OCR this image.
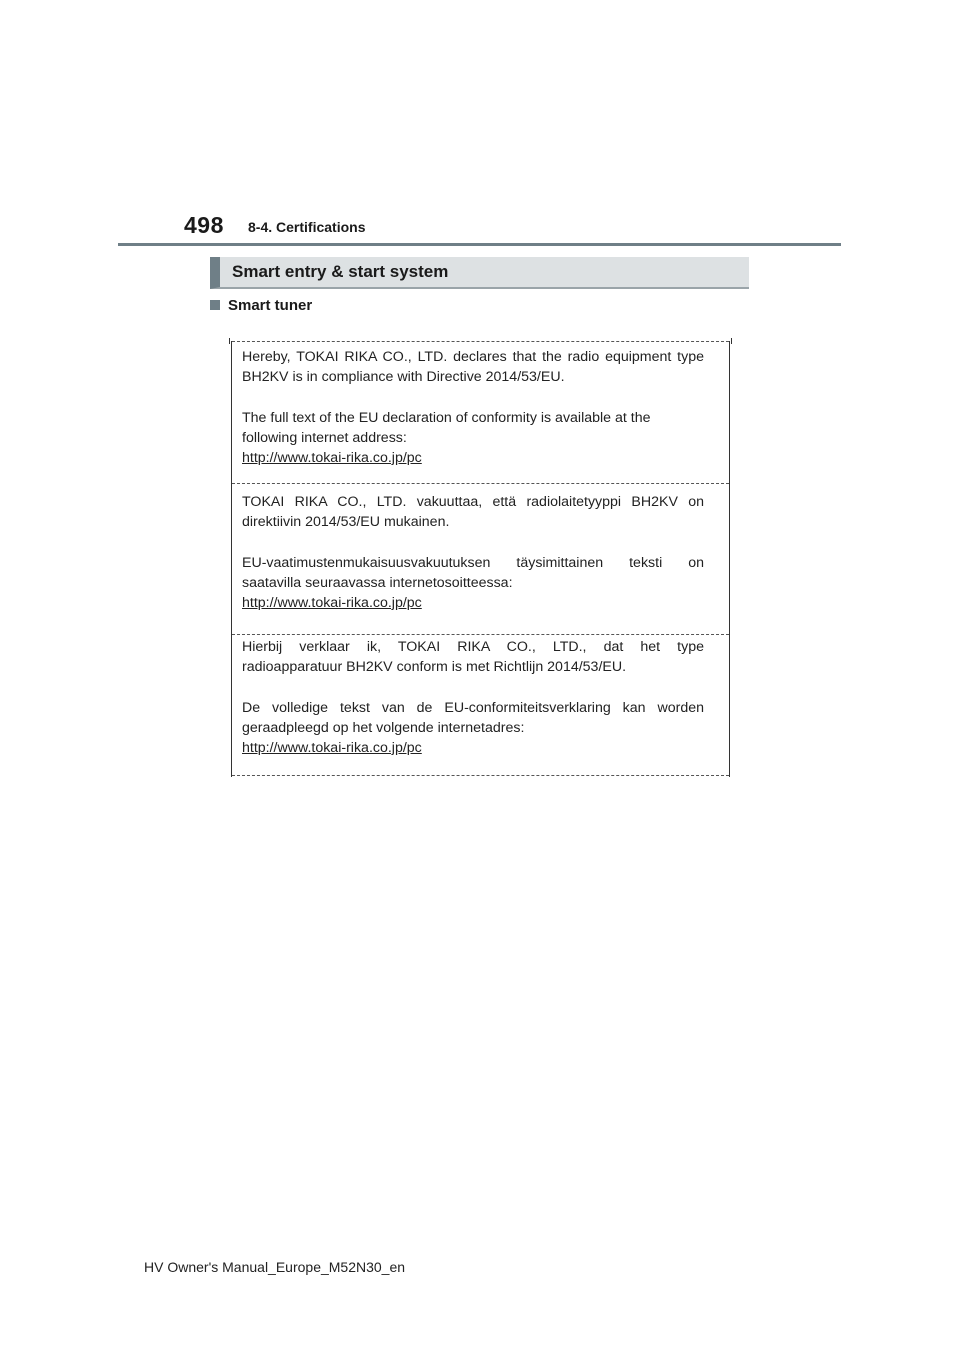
498 8-4. Certifications
Smart entry & start system
Smart tuner

Hereby, TOKAI RIKA CO., LTD. declares that the radio equipment type

BH2KV is in compliance with Directive 2014/53/EU.

The full text of the EU declaration of conformity is available at the

following internet address:

http://www.tokai-rika.co.jp/pc

TOKAI RIKA CO., LTD. vakuuttaa, että radiolaitetyyppi BH2KV on

direktiivin 2014/53/EU mukainen.

EU-vaatimustenmukaisuusvakuutuksen täysimittainen teksti on

saatavilla seuraavassa internetosoitteessa:

http://www.tokai-rika.co.jp/pc

Hierbij verklaar ik, TOKAI RIKA CO., LTD., dat het type

radioapparatuur BH2KV conform is met Richtlijn 2014/53/EU.

De volledige tekst van de EU-conformiteitsverklaring kan worden

geraadpleegd op het volgende internetadres:

http://www.tokai-rika.co.jp/pc

HV Owner's Manual_Europe_M52N30_en
